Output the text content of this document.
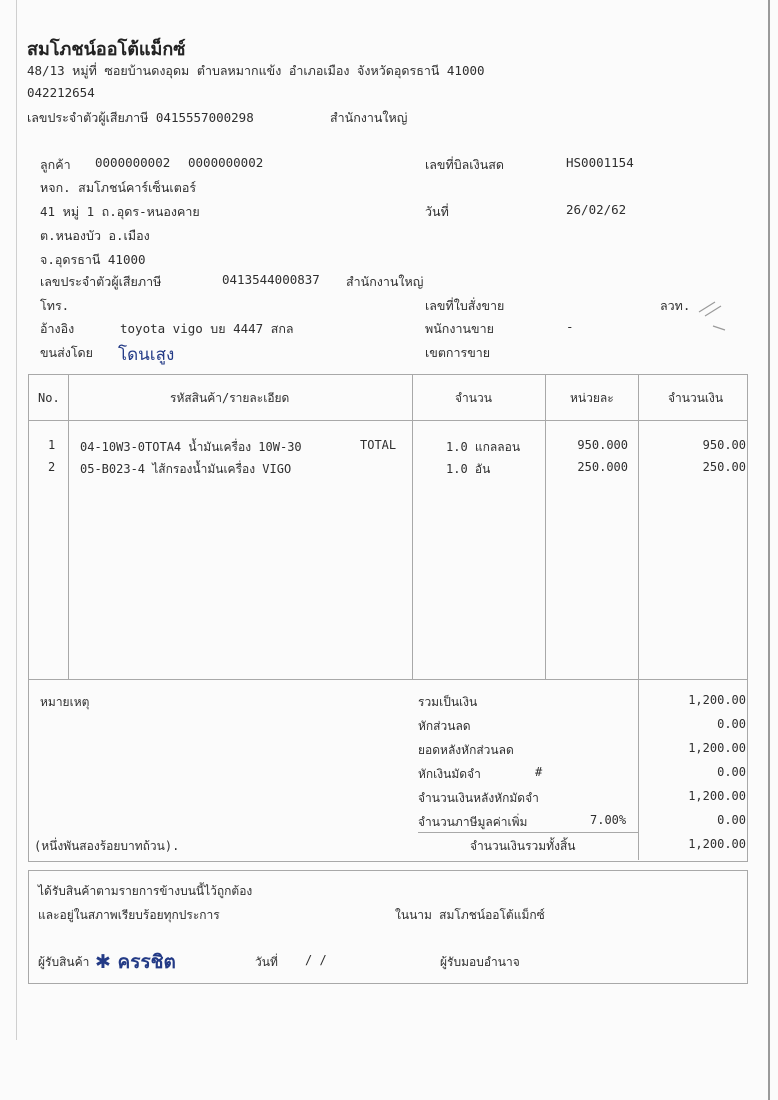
สมโภชน์ออโต้แม็กซ์
48/13 หมู่ที่ ซอยบ้านดงอุดม ตำบลหมากแข้ง อำเภอเมือง จังหวัดอุดรธานี 41000
042212654
เลขประจำตัวผู้เสียภาษี 0415557000298	สำนักงานใหญ่
ลูกค้า 0000000002 0000000002
หจก. สมโภชน์คาร์เซ็นเตอร์
41 หมู่ 1 ถ.อุดร-หนองคาย
ต.หนองบัว อ.เมือง
จ.อุดรธานี 41000
เลขประจำตัวผู้เสียภาษี	0413544000837 สำนักงานใหญ่
โทร.
อ้างอิง	toyota vigo บย 4447 สกล
ขนส่งโดย โดนเสูง
เลขที่บิลเงินสด	HS0001154
วันที่	26/02/62
เลขที่ใบสั่งขาย	ลวท.
พนักงานขาย	-
เขตการขาย
No.	รหัสสินค้า/รายละเอียด	จำนวน	หน่วยละ	จำนวนเงิน
1 04-10W3-0TOTA4 น้ำมันเครื่อง 10W-30	TOTAL	1.0 แกลลอน	950.000	950.00
2 05-B023-4 ไส้กรองน้ำมันเครื่อง VIGO	1.0 อัน	250.000	250.00
หมายเหตุ
(หนึ่งพันสองร้อยบาทถ้วน).
รวมเป็นเงิน	1,200.00
หักส่วนลด	0.00
ยอดหลังหักส่วนลด	1,200.00
หักเงินมัดจำ	#	0.00
จำนวนเงินหลังหักมัดจำ	1,200.00
จำนวนภาษีมูลค่าเพิ่ม	7.00%	0.00
จำนวนเงินรวมทั้งสิ้น	1,200.00
ได้รับสินค้าตามรายการข้างบนนี้ไว้ถูกต้อง
และอยู่ในสภาพเรียบร้อยทุกประการ	ในนาม สมโภชน์ออโต้แม็กซ์
ผู้รับสินค้า ✱ ครรชิต	วันที่ / /	ผู้รับมอบอำนาจ
